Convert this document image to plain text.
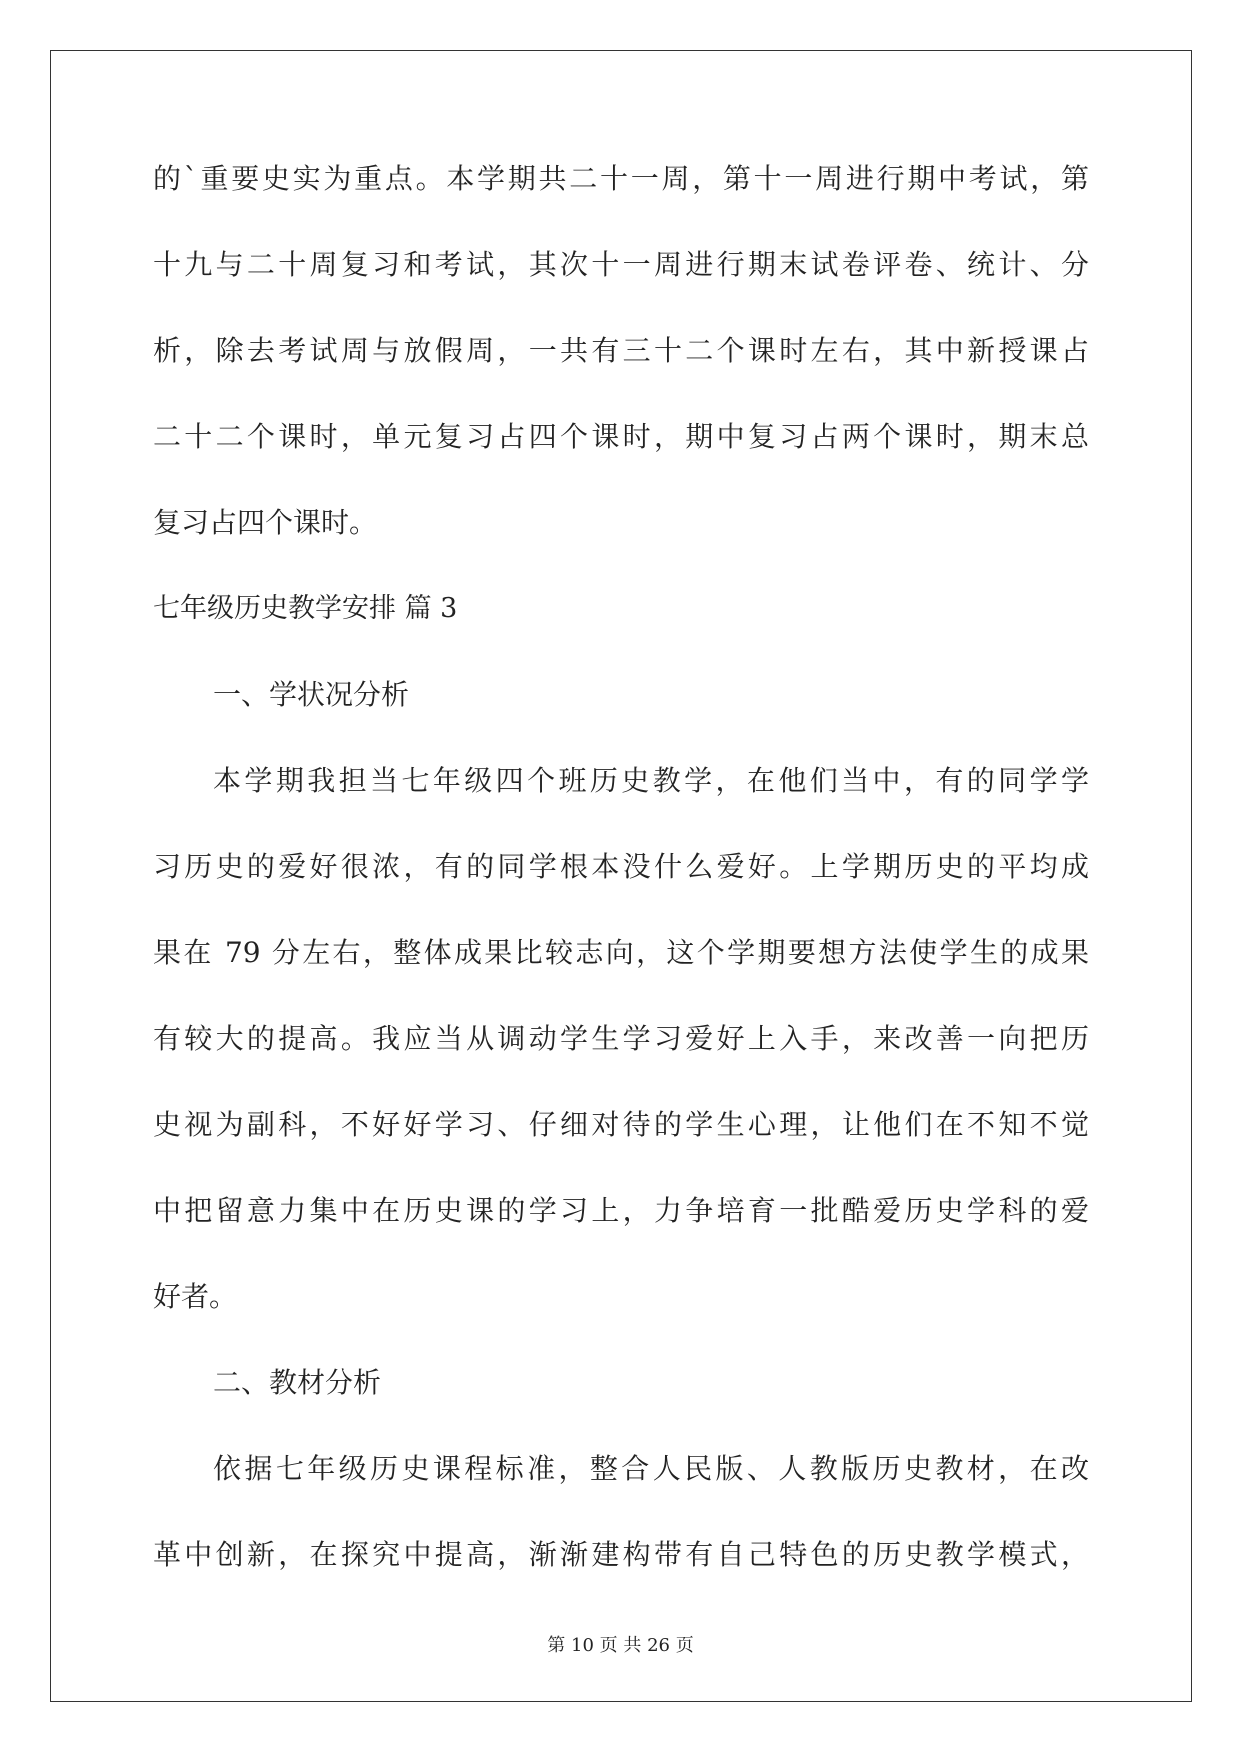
的`重要史实为重点。本学期共二十一周，第十一周进行期中考试，第
十九与二十周复习和考试，其次十一周进行期末试卷评卷、统计、分
析，除去考试周与放假周，一共有三十二个课时左右，其中新授课占
二十二个课时，单元复习占四个课时，期中复习占两个课时，期末总
复习占四个课时。
七年级历史教学安排 篇 3
一、学状况分析
本学期我担当七年级四个班历史教学，在他们当中，有的同学学
习历史的爱好很浓，有的同学根本没什么爱好。上学期历史的平均成
果在 79 分左右，整体成果比较志向，这个学期要想方法使学生的成果
有较大的提高。我应当从调动学生学习爱好上入手，来改善一向把历
史视为副科，不好好学习、仔细对待的学生心理，让他们在不知不觉
中把留意力集中在历史课的学习上，力争培育一批酷爱历史学科的爱
好者。
二、教材分析
依据七年级历史课程标准，整合人民版、人教版历史教材，在改
革中创新，在探究中提高，渐渐建构带有自己特色的历史教学模式，
第 10 页 共 26 页
